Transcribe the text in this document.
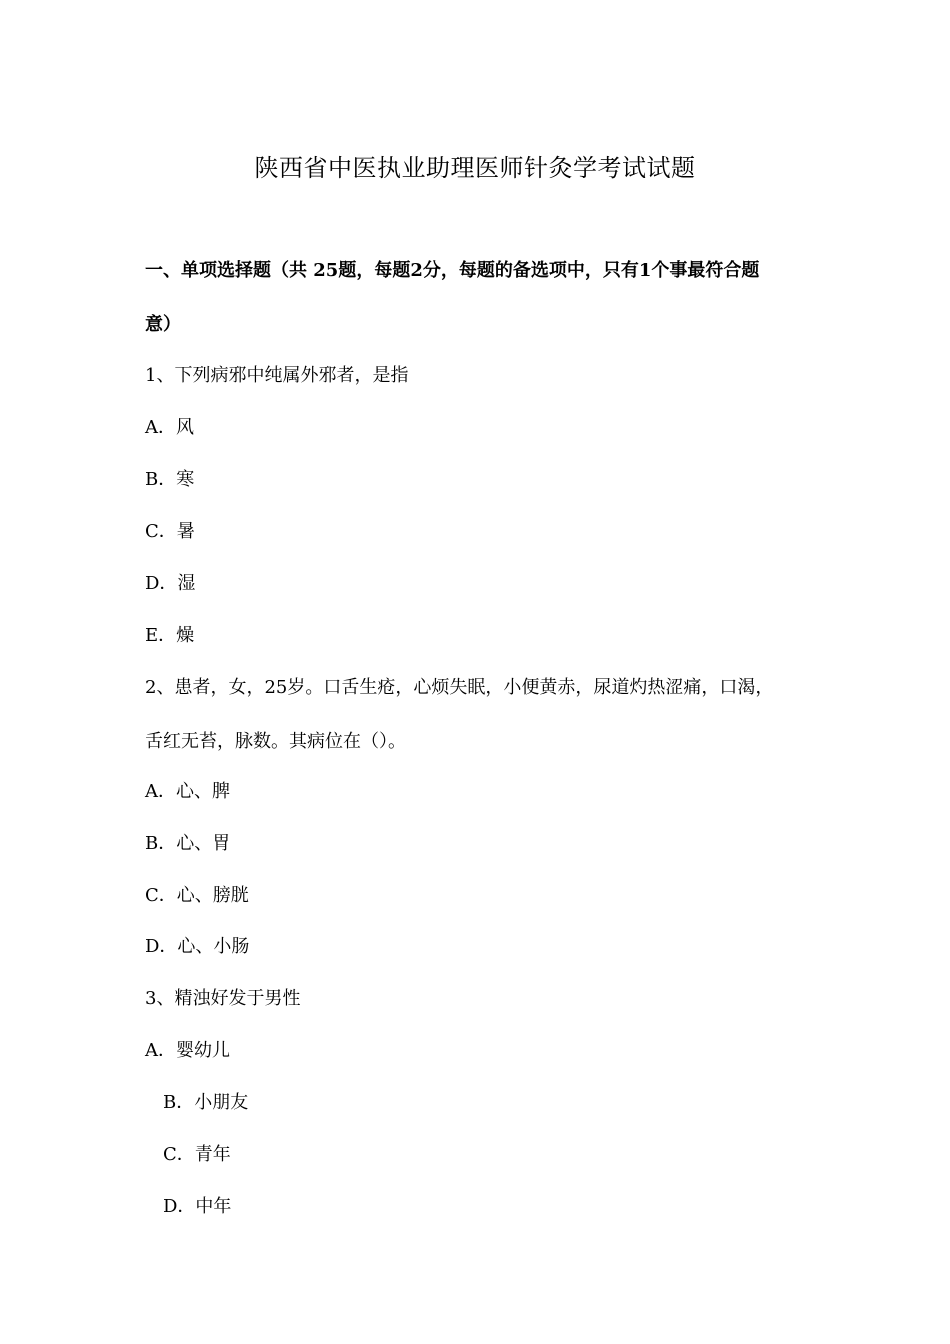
陕西省中医执业助理医师针灸学考试试题
一、单项选择题（共 25题，每题2分，每题的备选项中，只有1个事最符合题
意）
1、下列病邪中纯属外邪者，是指
A．风
B．寒
C．暑
D．湿
E．燥
2、患者，女，25岁。口舌生疮，心烦失眠，小便黄赤，尿道灼热涩痛，口渴，
舌红无苔，脉数。其病位在（）。
A．心、脾
B．心、胃
C．心、膀胱
D．心、小肠
3、精浊好发于男性
A．婴幼儿
B．小朋友
C．青年
D．中年
